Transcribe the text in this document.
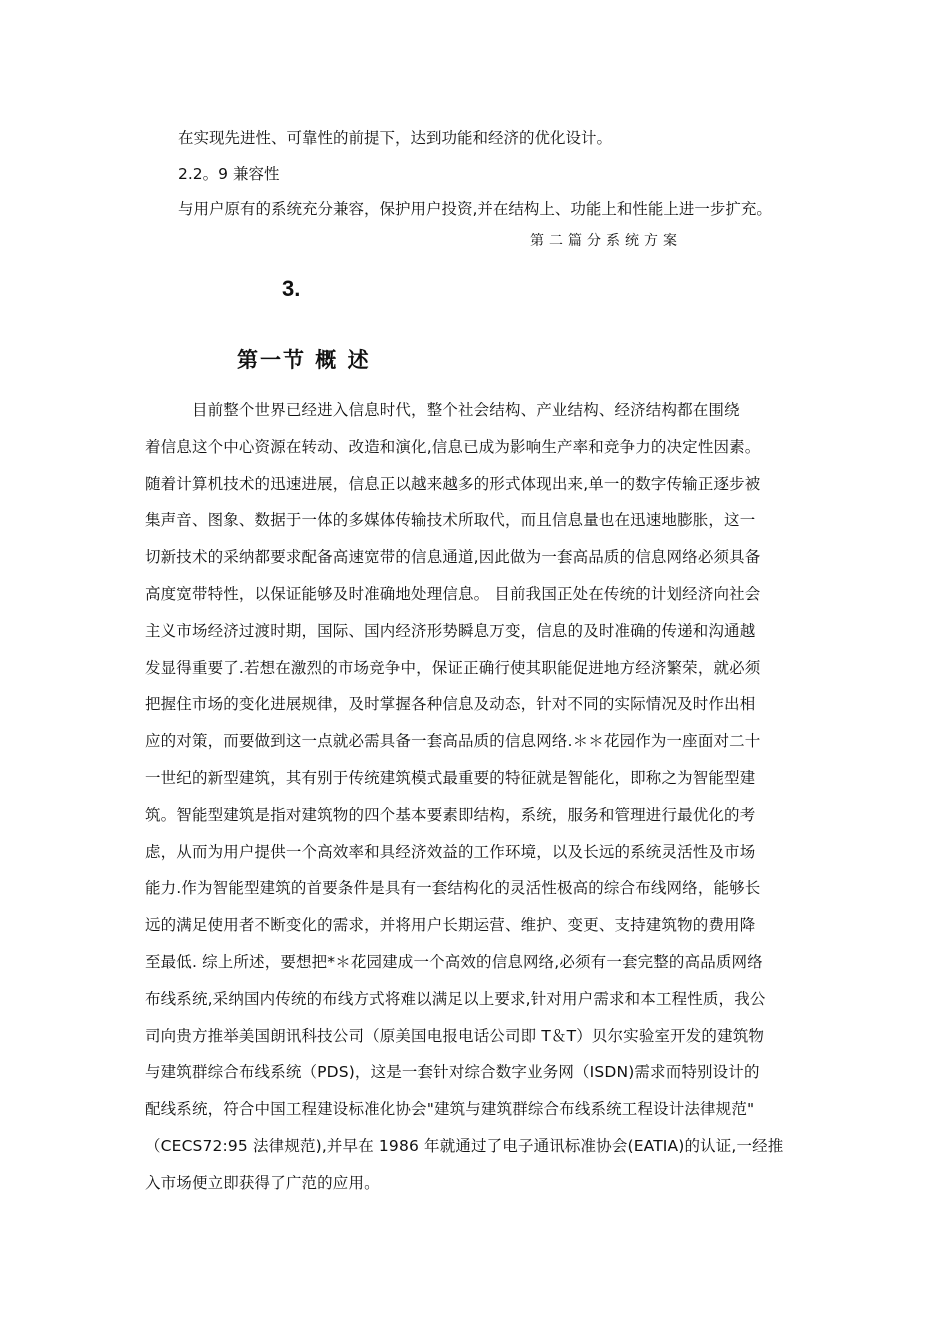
在实现先进性、可靠性的前提下，达到功能和经济的优化设计。
2.2。9 兼容性
与用户原有的系统充分兼容，保护用户投资,并在结构上、功能上和性能上进一步扩充。
第二篇分系统方案
3.
第一节 概 述
　　　目前整个世界已经进入信息时代，整个社会结构、产业结构、经济结构都在围绕
着信息这个中心资源在转动、改造和演化,信息已成为影响生产率和竞争力的决定性因素。
随着计算机技术的迅速进展，信息正以越来越多的形式体现出来,单一的数字传输正逐步被
集声音、图象、数据于一体的多媒体传输技术所取代，而且信息量也在迅速地膨胀，这一
切新技术的采纳都要求配备高速宽带的信息通道,因此做为一套高品质的信息网络必须具备
高度宽带特性，以保证能够及时准确地处理信息。 目前我国正处在传统的计划经济向社会
主义市场经济过渡时期，国际、国内经济形势瞬息万变，信息的及时准确的传递和沟通越
发显得重要了.若想在激烈的市场竞争中，保证正确行使其职能促进地方经济繁荣，就必须
把握住市场的变化进展规律，及时掌握各种信息及动态，针对不同的实际情况及时作出相
应的对策，而要做到这一点就必需具备一套高品质的信息网络.＊＊花园作为一座面对二十
一世纪的新型建筑，其有别于传统建筑模式最重要的特征就是智能化，即称之为智能型建
筑。智能型建筑是指对建筑物的四个基本要素即结构，系统，服务和管理进行最优化的考
虑，从而为用户提供一个高效率和具经济效益的工作环境，以及长远的系统灵活性及市场
能力.作为智能型建筑的首要条件是具有一套结构化的灵活性极高的综合布线网络，能够长
远的满足使用者不断变化的需求，并将用户长期运营、维护、变更、支持建筑物的费用降
至最低. 综上所述，要想把*＊花园建成一个高效的信息网络,必须有一套完整的高品质网络
布线系统,采纳国内传统的布线方式将难以满足以上要求,针对用户需求和本工程性质，我公
司向贵方推举美国朗讯科技公司（原美国电报电话公司即 T＆T）贝尔实验室开发的建筑物
与建筑群综合布线系统（PDS)，这是一套针对综合数字业务网（ISDN)需求而特别设计的
配线系统，符合中国工程建设标准化协会"建筑与建筑群综合布线系统工程设计法律规范"
（CECS72:95 法律规范),并早在 1986 年就通过了电子通讯标准协会(EATIA)的认证,一经推
入市场便立即获得了广范的应用。
